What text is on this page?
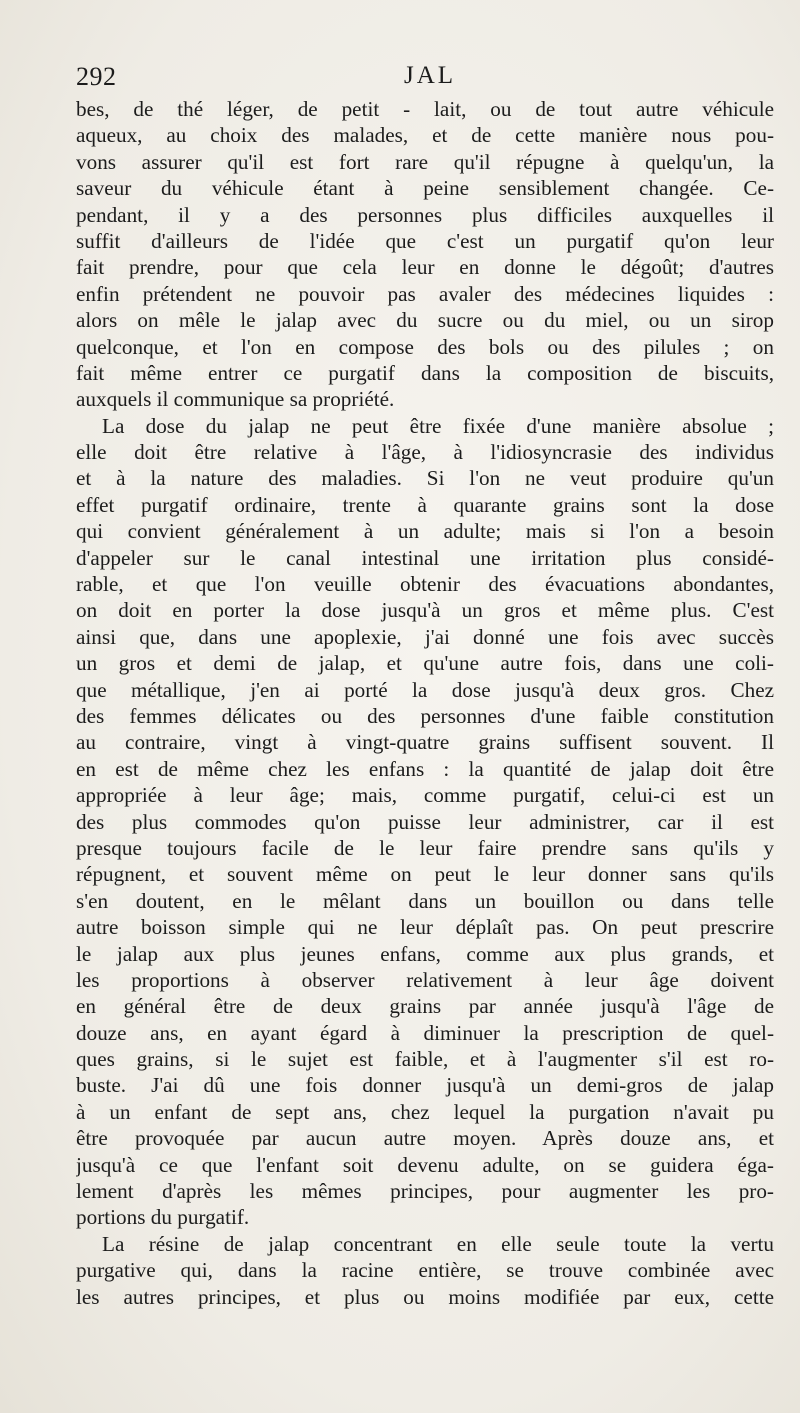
292	JAL
bes, de thé léger, de petit - lait, ou de tout autre véhicule
aqueux, au choix des malades, et de cette manière nous pou-
vons assurer qu'il est fort rare qu'il répugne à quelqu'un, la
saveur du véhicule étant à peine sensiblement changée. Ce-
pendant, il y a des personnes plus difficiles auxquelles il
suffit d'ailleurs de l'idée que c'est un purgatif qu'on leur
fait prendre, pour que cela leur en donne le dégoût; d'autres
enfin prétendent ne pouvoir pas avaler des médecines liquides :
alors on mêle le jalap avec du sucre ou du miel, ou un sirop
quelconque, et l'on en compose des bols ou des pilules ; on
fait même entrer ce purgatif dans la composition de biscuits,
auxquels il communique sa propriété.
La dose du jalap ne peut être fixée d'une manière absolue ;
elle doit être relative à l'âge, à l'idiosyncrasie des individus
et à la nature des maladies. Si l'on ne veut produire qu'un
effet purgatif ordinaire, trente à quarante grains sont la dose
qui convient généralement à un adulte; mais si l'on a besoin
d'appeler sur le canal intestinal une irritation plus considé-
rable, et que l'on veuille obtenir des évacuations abondantes,
on doit en porter la dose jusqu'à un gros et même plus. C'est
ainsi que, dans une apoplexie, j'ai donné une fois avec succès
un gros et demi de jalap, et qu'une autre fois, dans une coli-
que métallique, j'en ai porté la dose jusqu'à deux gros. Chez
des femmes délicates ou des personnes d'une faible constitution
au contraire, vingt à vingt-quatre grains suffisent souvent. Il
en est de même chez les enfans : la quantité de jalap doit être
appropriée à leur âge; mais, comme purgatif, celui-ci est un
des plus commodes qu'on puisse leur administrer, car il est
presque toujours facile de le leur faire prendre sans qu'ils y
répugnent, et souvent même on peut le leur donner sans qu'ils
s'en doutent, en le mêlant dans un bouillon ou dans telle
autre boisson simple qui ne leur déplaît pas. On peut prescrire
le jalap aux plus jeunes enfans, comme aux plus grands, et
les proportions à observer relativement à leur âge doivent
en général être de deux grains par année jusqu'à l'âge de
douze ans, en ayant égard à diminuer la prescription de quel-
ques grains, si le sujet est faible, et à l'augmenter s'il est ro-
buste. J'ai dû une fois donner jusqu'à un demi-gros de jalap
à un enfant de sept ans, chez lequel la purgation n'avait pu
être provoquée par aucun autre moyen. Après douze ans, et
jusqu'à ce que l'enfant soit devenu adulte, on se guidera éga-
lement d'après les mêmes principes, pour augmenter les pro-
portions du purgatif.
La résine de jalap concentrant en elle seule toute la vertu
purgative qui, dans la racine entière, se trouve combinée avec
les autres principes, et plus ou moins modifiée par eux, cette
